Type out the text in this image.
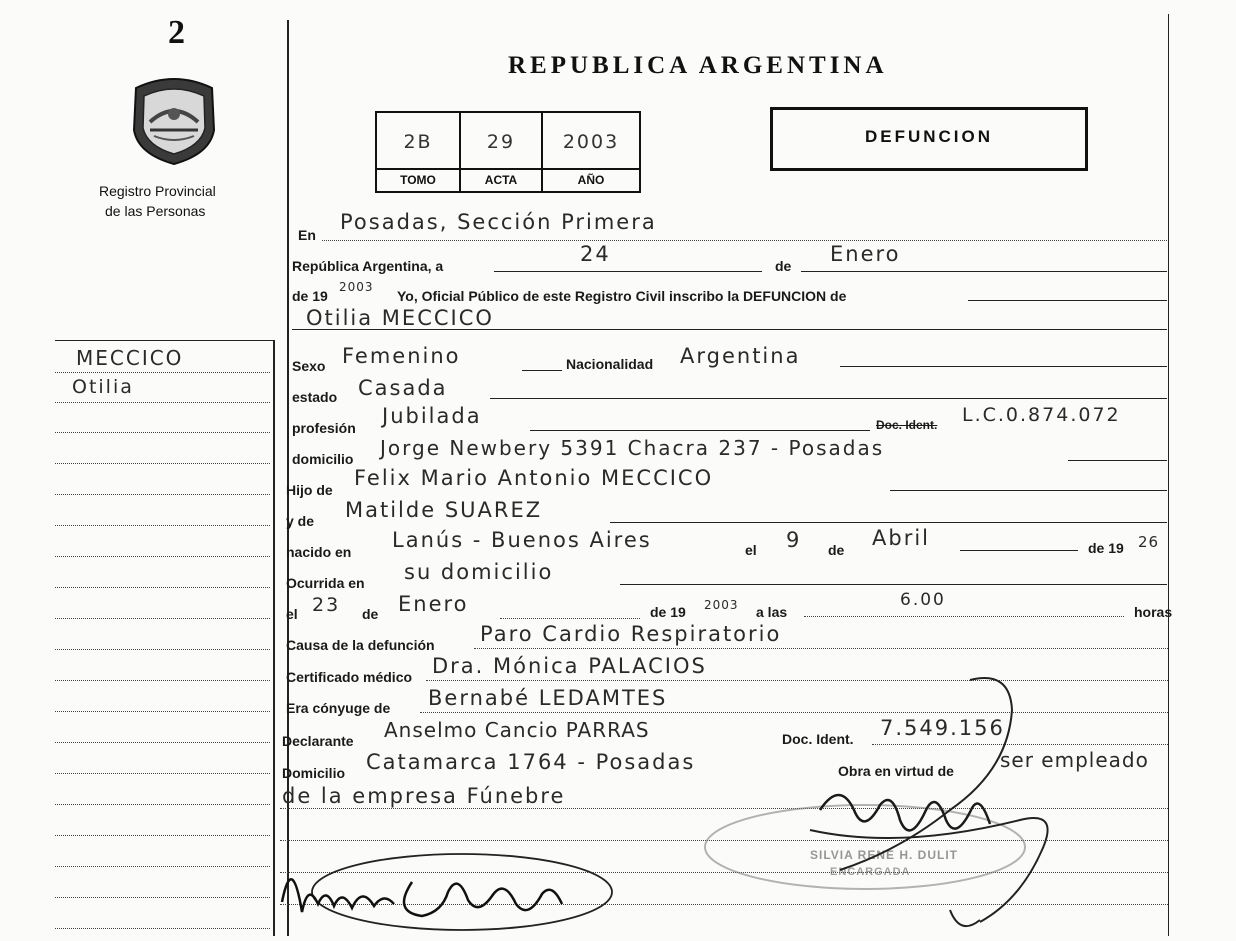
2
Registro Provincial
de las Personas
MECCICO
Otilia
REPUBLICA ARGENTINA
2B	29	2003
TOMO	ACTA	AÑO
DEFUNCION
En
Posadas, Sección Primera
República Argentina, a	24	de Enero
de 19
2003
Yo, Oficial Público de este Registro Civil inscribo la DEFUNCION de
Otilia MECCICO
Sexo Femenino	Nacionalidad Argentina
estado Casada
profesión Jubilada	Doc. Ident. L.C.0.874.072
domicilio Jorge Newbery 5391 Chacra 237 - Posadas
Hijo de Felix Mario Antonio MECCICO
y de Matilde SUAREZ
nacido en Lanús - Buenos Aires	el 9 de Abril	de 19 26
Ocurrida en su domicilio
el 23 de Enero	de 19 2003 a las
6.00
horas
Causa de la defunción Paro Cardio Respiratorio
Certificado médico Dra. Mónica PALACIOS
Era cónyuge de Bernabé LEDAMTES
Declarante Anselmo Cancio PARRAS	Doc. Ident. 7.549.156
Domicilio Catamarca 1764 - Posadas	Obra en virtud de ser empleado
de la empresa Fúnebre
SILVIA RENE H. DULIT
ENCARGADA
